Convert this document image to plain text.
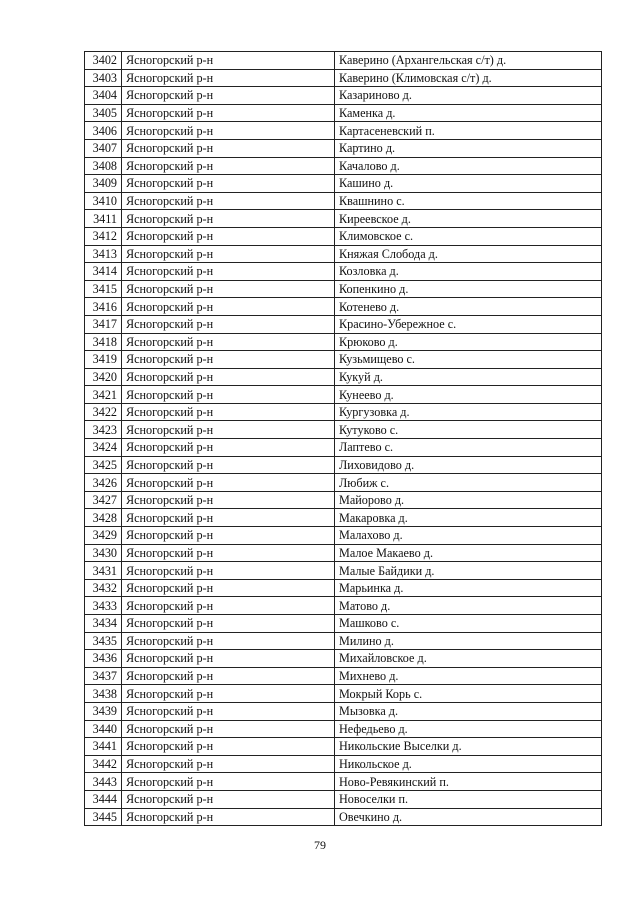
3402	Ясногорский р-н	Каверино (Архангельская с/т) д.
3403	Ясногорский р-н	Каверино (Климовская с/т) д.
3404	Ясногорский р-н	Казариново д.
3405	Ясногорский р-н	Каменка д.
3406	Ясногорский р-н	Картасеневский п.
3407	Ясногорский р-н	Картино д.
3408	Ясногорский р-н	Качалово д.
3409	Ясногорский р-н	Кашино д.
3410	Ясногорский р-н	Квашнино с.
3411	Ясногорский р-н	Киреевское д.
3412	Ясногорский р-н	Климовское с.
3413	Ясногорский р-н	Княжая Слобода д.
3414	Ясногорский р-н	Козловка д.
3415	Ясногорский р-н	Копенкино д.
3416	Ясногорский р-н	Котенево д.
3417	Ясногорский р-н	Красино-Убережное с.
3418	Ясногорский р-н	Крюково д.
3419	Ясногорский р-н	Кузьмищево с.
3420	Ясногорский р-н	Кукуй д.
3421	Ясногорский р-н	Кунеево д.
3422	Ясногорский р-н	Кургузовка д.
3423	Ясногорский р-н	Кутуково с.
3424	Ясногорский р-н	Лаптево с.
3425	Ясногорский р-н	Лиховидово д.
3426	Ясногорский р-н	Любиж с.
3427	Ясногорский р-н	Майорово д.
3428	Ясногорский р-н	Макаровка д.
3429	Ясногорский р-н	Малахово д.
3430	Ясногорский р-н	Малое Макаево д.
3431	Ясногорский р-н	Малые Байдики д.
3432	Ясногорский р-н	Марьинка д.
3433	Ясногорский р-н	Матово д.
3434	Ясногорский р-н	Машково с.
3435	Ясногорский р-н	Милино д.
3436	Ясногорский р-н	Михайловское д.
3437	Ясногорский р-н	Михнево д.
3438	Ясногорский р-н	Мокрый Корь с.
3439	Ясногорский р-н	Мызовка д.
3440	Ясногорский р-н	Нефедьево д.
3441	Ясногорский р-н	Никольские Выселки д.
3442	Ясногорский р-н	Никольское д.
3443	Ясногорский р-н	Ново-Ревякинский п.
3444	Ясногорский р-н	Новоселки п.
3445	Ясногорский р-н	Овечкино д.
79
